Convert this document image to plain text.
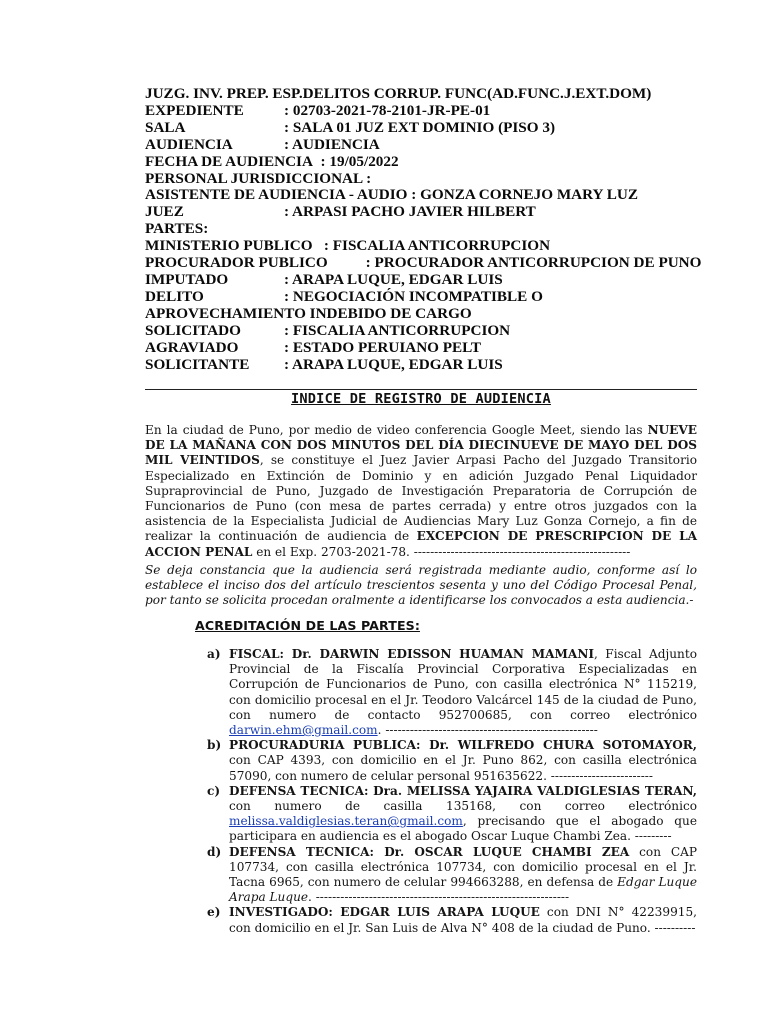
JUZG. INV. PREP. ESP.DELITOS CORRUP. FUNC(AD.FUNC.J.EXT.DOM)
EXPEDIENTE	: 02703-2021-78-2101-JR-PE-01
SALA	: SALA 01 JUZ EXT DOMINIO (PISO 3)
AUDIENCIA	: AUDIENCIA
FECHA DE AUDIENCIA : 19/05/2022
PERSONAL JURISDICCIONAL :
ASISTENTE DE AUDIENCIA - AUDIO : GONZA CORNEJO MARY LUZ
JUEZ	: ARPASI PACHO JAVIER HILBERT
PARTES:
MINISTERIO PUBLICO : FISCALIA ANTICORRUPCION
PROCURADOR PUBLICO : PROCURADOR ANTICORRUPCION DE PUNO
IMPUTADO	: ARAPA LUQUE, EDGAR LUIS
DELITO	: NEGOCIACIÓN INCOMPATIBLE O APROVECHAMIENTO INDEBIDO DE CARGO
SOLICITADO	: FISCALIA ANTICORRUPCION
AGRAVIADO	: ESTADO PERUIANO PELT
SOLICITANTE : ARAPA LUQUE, EDGAR LUIS
INDICE DE REGISTRO DE AUDIENCIA
En la ciudad de Puno, por medio de video conferencia Google Meet, siendo las NUEVE DE LA MAÑANA CON DOS MINUTOS DEL DÍA DIECINUEVE DE MAYO DEL DOS MIL VEINTIDOS, se constituye el Juez Javier Arpasi Pacho del Juzgado Transitorio Especializado en Extinción de Dominio y en adición Juzgado Penal Liquidador Supraprovincial de Puno, Juzgado de Investigación Preparatoria de Corrupción de Funcionarios de Puno (con mesa de partes cerrada) y entre otros juzgados con la asistencia de la Especialista Judicial de Audiencias Mary Luz Gonza Cornejo, a fin de realizar la continuación de audiencia de EXCEPCION DE PRESCRIPCION DE LA ACCION PENAL en el Exp. 2703-2021-78. -----------------------------------------------------
Se deja constancia que la audiencia será registrada mediante audio, conforme así lo establece el inciso dos del artículo trescientos sesenta y uno del Código Procesal Penal, por tanto se solicita procedan oralmente a identificarse los convocados a esta audiencia.-
ACREDITACIÓN DE LAS PARTES:
a) FISCAL: Dr. DARWIN EDISSON HUAMAN MAMANI, Fiscal Adjunto Provincial de la Fiscalía Provincial Corporativa Especializadas en Corrupción de Funcionarios de Puno, con casilla electrónica N° 115219, con domicilio procesal en el Jr. Teodoro Valcárcel 145 de la ciudad de Puno, con numero de contacto 952700685, con correo electrónico darwin.ehm@gmail.com. ----------------------------------------------------
b) PROCURADURIA PUBLICA: Dr. WILFREDO CHURA SOTOMAYOR, con CAP 4393, con domicilio en el Jr. Puno 862, con casilla electrónica 57090, con numero de celular personal 951635622. -------------------------
c) DEFENSA TECNICA: Dra. MELISSA YAJAIRA VALDIGLESIAS TERAN, con numero de casilla 135168, con correo electrónico melissa.valdiglesias.teran@gmail.com, precisando que el abogado que participara en audiencia es el abogado Oscar Luque Chambi Zea. ---------
d) DEFENSA TECNICA: Dr. OSCAR LUQUE CHAMBI ZEA con CAP 107734, con casilla electrónica 107734, con domicilio procesal en el Jr. Tacna 6965, con numero de celular 994663288, en defensa de Edgar Luque Arapa Luque. --------------------------------------------------------------
e) INVESTIGADO: EDGAR LUIS ARAPA LUQUE con DNI N° 42239915, con domicilio en el Jr. San Luis de Alva N° 408 de la ciudad de Puno. ----------
